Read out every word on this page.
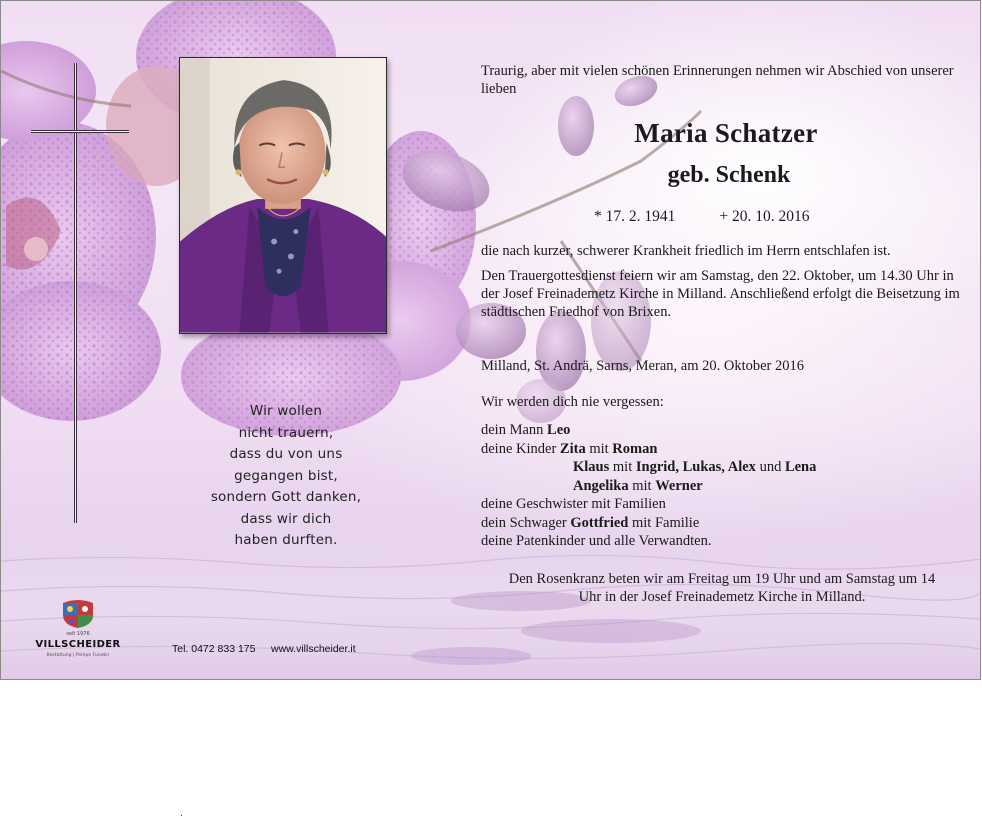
Wir wollen
nicht trauern,
dass du von uns
gegangen bist,
sondern Gott danken,
dass wir dich
haben durften.
Traurig, aber mit vielen schönen Erinnerungen nehmen wir Abschied von unserer lieben
Maria Schatzer
geb. Schenk
* 17. 2. 1941	+ 20. 10. 2016
die nach kurzer, schwerer Krankheit friedlich im Herrn entschlafen ist.
Den Trauergottesdienst feiern wir am Samstag, den 22. Oktober, um 14.30 Uhr in der Josef Freinademetz Kirche in Milland. Anschließend erfolgt die Beisetzung im städtischen Friedhof von Brixen.
Milland, St. Andrä, Sarns, Meran, am 20. Oktober 2016
Wir werden dich nie vergessen:
dein Mann Leo
deine Kinder Zita mit Roman
Klaus mit Ingrid, Lukas, Alex und Lena
Angelika mit Werner
deine Geschwister mit Familien
dein Schwager Gottfried mit Familie
deine Patenkinder und alle Verwandten.
Den Rosenkranz beten wir am Freitag um 19 Uhr und am Samstag um 14 Uhr in der Josef Freinademetz Kirche in Milland.
seit 1976
VILLSCHEIDER
Bestattung | Pompe Funebri
Tel. 0472 833 175 www.villscheider.it
.
